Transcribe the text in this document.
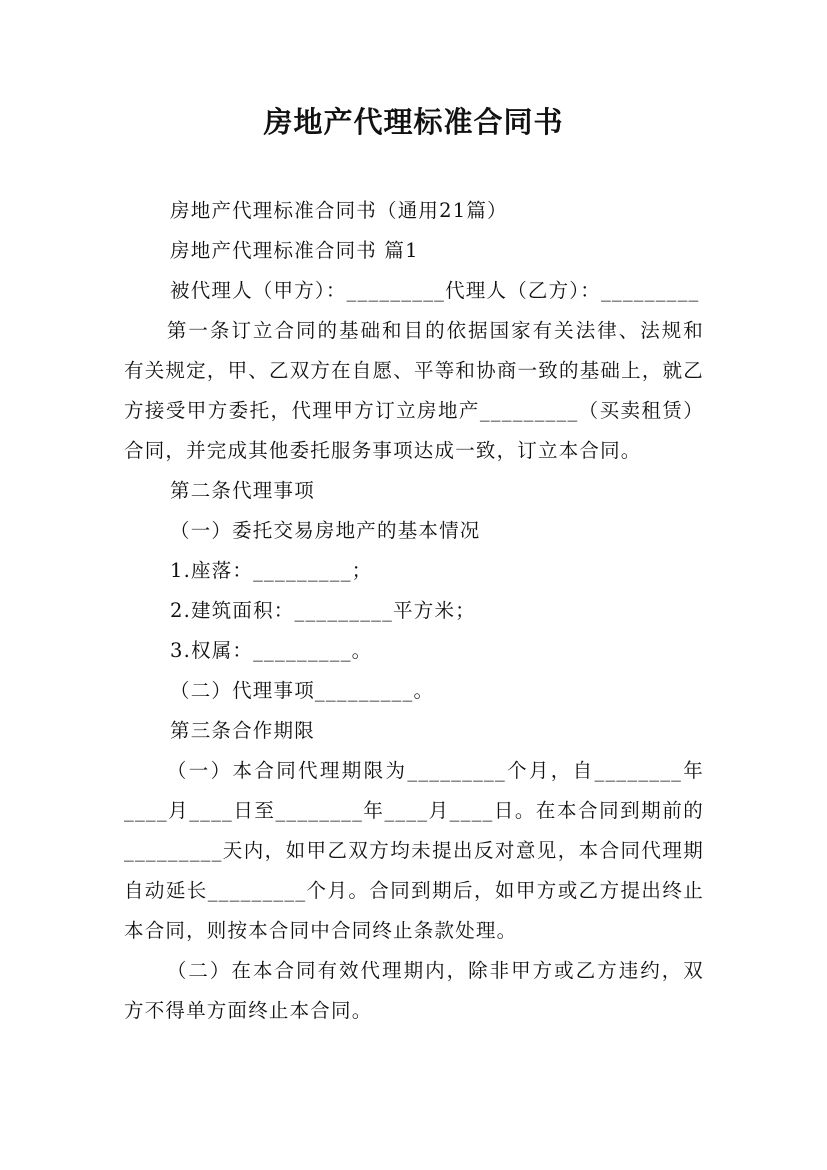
房地产代理标准合同书

房地产代理标准合同书（通用21篇）

房地产代理标准合同书 篇1

被代理人（甲方）：_________代理人（乙方）：_________

第一条订立合同的基础和目的依据国家有关法律、法规和有关规定，甲、乙双方在自愿、平等和协商一致的基础上，就乙方接受甲方委托，代理甲方订立房地产_________（买卖租赁）合同，并完成其他委托服务事项达成一致，订立本合同。

第二条代理事项

（一）委托交易房地产的基本情况

1.座落：_________；

2.建筑面积：_________平方米；

3.权属：_________。

（二）代理事项_________。

第三条合作期限

（一）本合同代理期限为_________个月，自________年____月____日至________年____月____日。在本合同到期前的_________天内，如甲乙双方均未提出反对意见，本合同代理期自动延长_________个月。合同到期后，如甲方或乙方提出终止本合同，则按本合同中合同终止条款处理。

（二）在本合同有效代理期内，除非甲方或乙方违约，双方不得单方面终止本合同。
